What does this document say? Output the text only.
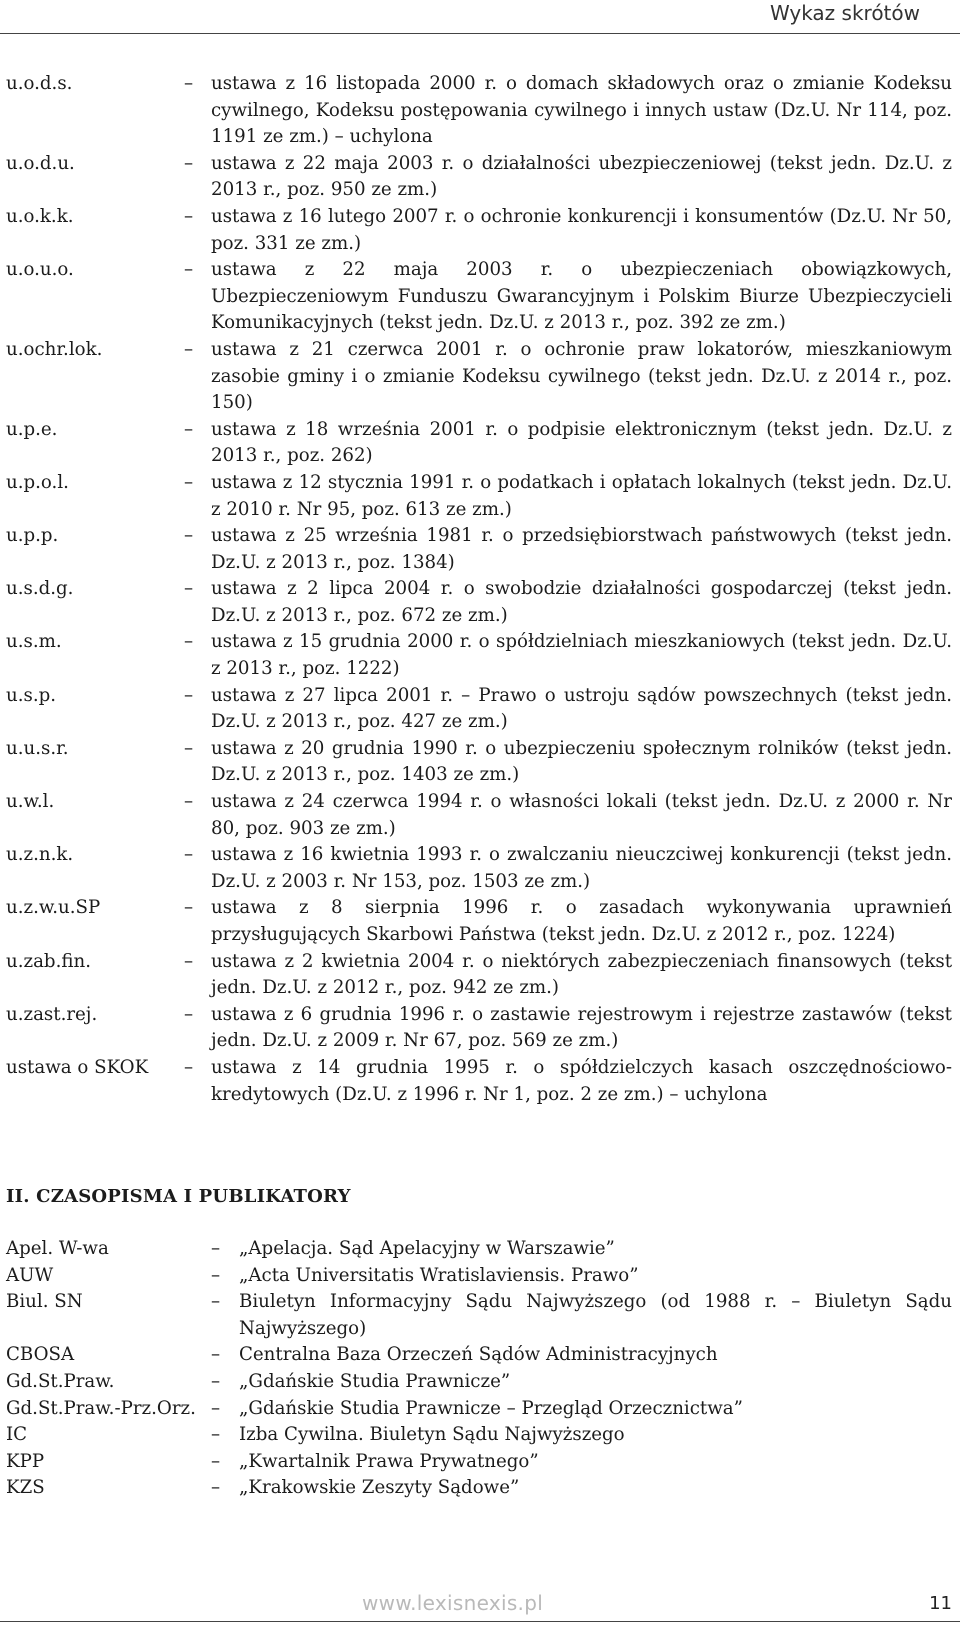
Wykaz skrótów
u.o.d.s.	– ustawa z 16 listopada 2000 r. o domach składowych oraz o zmianie Kodeksu cywilnego, Kodeksu postępowania cywilnego i innych ustaw (Dz.U. Nr 114, poz. 1191 ze zm.) – uchylona
u.o.d.u.	– ustawa z 22 maja 2003 r. o działalności ubezpieczeniowej (tekst jedn. Dz.U. z 2013 r., poz. 950 ze zm.)
u.o.k.k.	– ustawa z 16 lutego 2007 r. o ochronie konkurencji i konsumentów (Dz.U. Nr 50, poz. 331 ze zm.)
u.o.u.o.	– ustawa z 22 maja 2003 r. o ubezpieczeniach obowiązkowych, Ubezpieczeniowym Funduszu Gwarancyjnym i Polskim Biurze Ubezpieczycieli Komunikacyjnych (tekst jedn. Dz.U. z 2013 r., poz. 392 ze zm.)
u.ochr.lok.	– ustawa z 21 czerwca 2001 r. o ochronie praw lokatorów, mieszkaniowym zasobie gminy i o zmianie Kodeksu cywilnego (tekst jedn. Dz.U. z 2014 r., poz. 150)
u.p.e.	– ustawa z 18 września 2001 r. o podpisie elektronicznym (tekst jedn. Dz.U. z 2013 r., poz. 262)
u.p.o.l.	– ustawa z 12 stycznia 1991 r. o podatkach i opłatach lokalnych (tekst jedn. Dz.U. z 2010 r. Nr 95, poz. 613 ze zm.)
u.p.p.	– ustawa z 25 września 1981 r. o przedsiębiorstwach państwowych (tekst jedn. Dz.U. z 2013 r., poz. 1384)
u.s.d.g.	– ustawa z 2 lipca 2004 r. o swobodzie działalności gospodarczej (tekst jedn. Dz.U. z 2013 r., poz. 672 ze zm.)
u.s.m.	– ustawa z 15 grudnia 2000 r. o spółdzielniach mieszkaniowych (tekst jedn. Dz.U. z 2013 r., poz. 1222)
u.s.p.	– ustawa z 27 lipca 2001 r. – Prawo o ustroju sądów powszechnych (tekst jedn. Dz.U. z 2013 r., poz. 427 ze zm.)
u.u.s.r.	– ustawa z 20 grudnia 1990 r. o ubezpieczeniu społecznym rolników (tekst jedn. Dz.U. z 2013 r., poz. 1403 ze zm.)
u.w.l.	– ustawa z 24 czerwca 1994 r. o własności lokali (tekst jedn. Dz.U. z 2000 r. Nr 80, poz. 903 ze zm.)
u.z.n.k.	– ustawa z 16 kwietnia 1993 r. o zwalczaniu nieuczciwej konkurencji (tekst jedn. Dz.U. z 2003 r. Nr 153, poz. 1503 ze zm.)
u.z.w.u.SP	– ustawa z 8 sierpnia 1996 r. o zasadach wykonywania uprawnień przysługujących Skarbowi Państwa (tekst jedn. Dz.U. z 2012 r., poz. 1224)
u.zab.fin.	– ustawa z 2 kwietnia 2004 r. o niektórych zabezpieczeniach finansowych (tekst jedn. Dz.U. z 2012 r., poz. 942 ze zm.)
u.zast.rej.	– ustawa z 6 grudnia 1996 r. o zastawie rejestrowym i rejestrze zastawów (tekst jedn. Dz.U. z 2009 r. Nr 67, poz. 569 ze zm.)
ustawa o SKOK	– ustawa z 14 grudnia 1995 r. o spółdzielczych kasach oszczędnościowo-kredytowych (Dz.U. z 1996 r. Nr 1, poz. 2 ze zm.) – uchylona
II. CZASOPISMA I PUBLIKATORY
Apel. W-wa	–	„Apelacja. Sąd Apelacyjny w Warszawie”
AUW	–	„Acta Universitatis Wratislaviensis. Prawo”
Biul. SN	–	Biuletyn Informacyjny Sądu Najwyższego (od 1988 r. – Biuletyn Sądu Najwyższego)
CBOSA	–	Centralna Baza Orzeczeń Sądów Administracyjnych
Gd.St.Praw.	–	„Gdańskie Studia Prawnicze”
Gd.St.Praw.-Prz.Orz. –	„Gdańskie Studia Prawnicze – Przegląd Orzecznictwa”
IC	–	Izba Cywilna. Biuletyn Sądu Najwyższego
KPP	–	„Kwartalnik Prawa Prywatnego”
KZS	–	„Krakowskie Zeszyty Sądowe”
www.lexisnexis.pl	11
